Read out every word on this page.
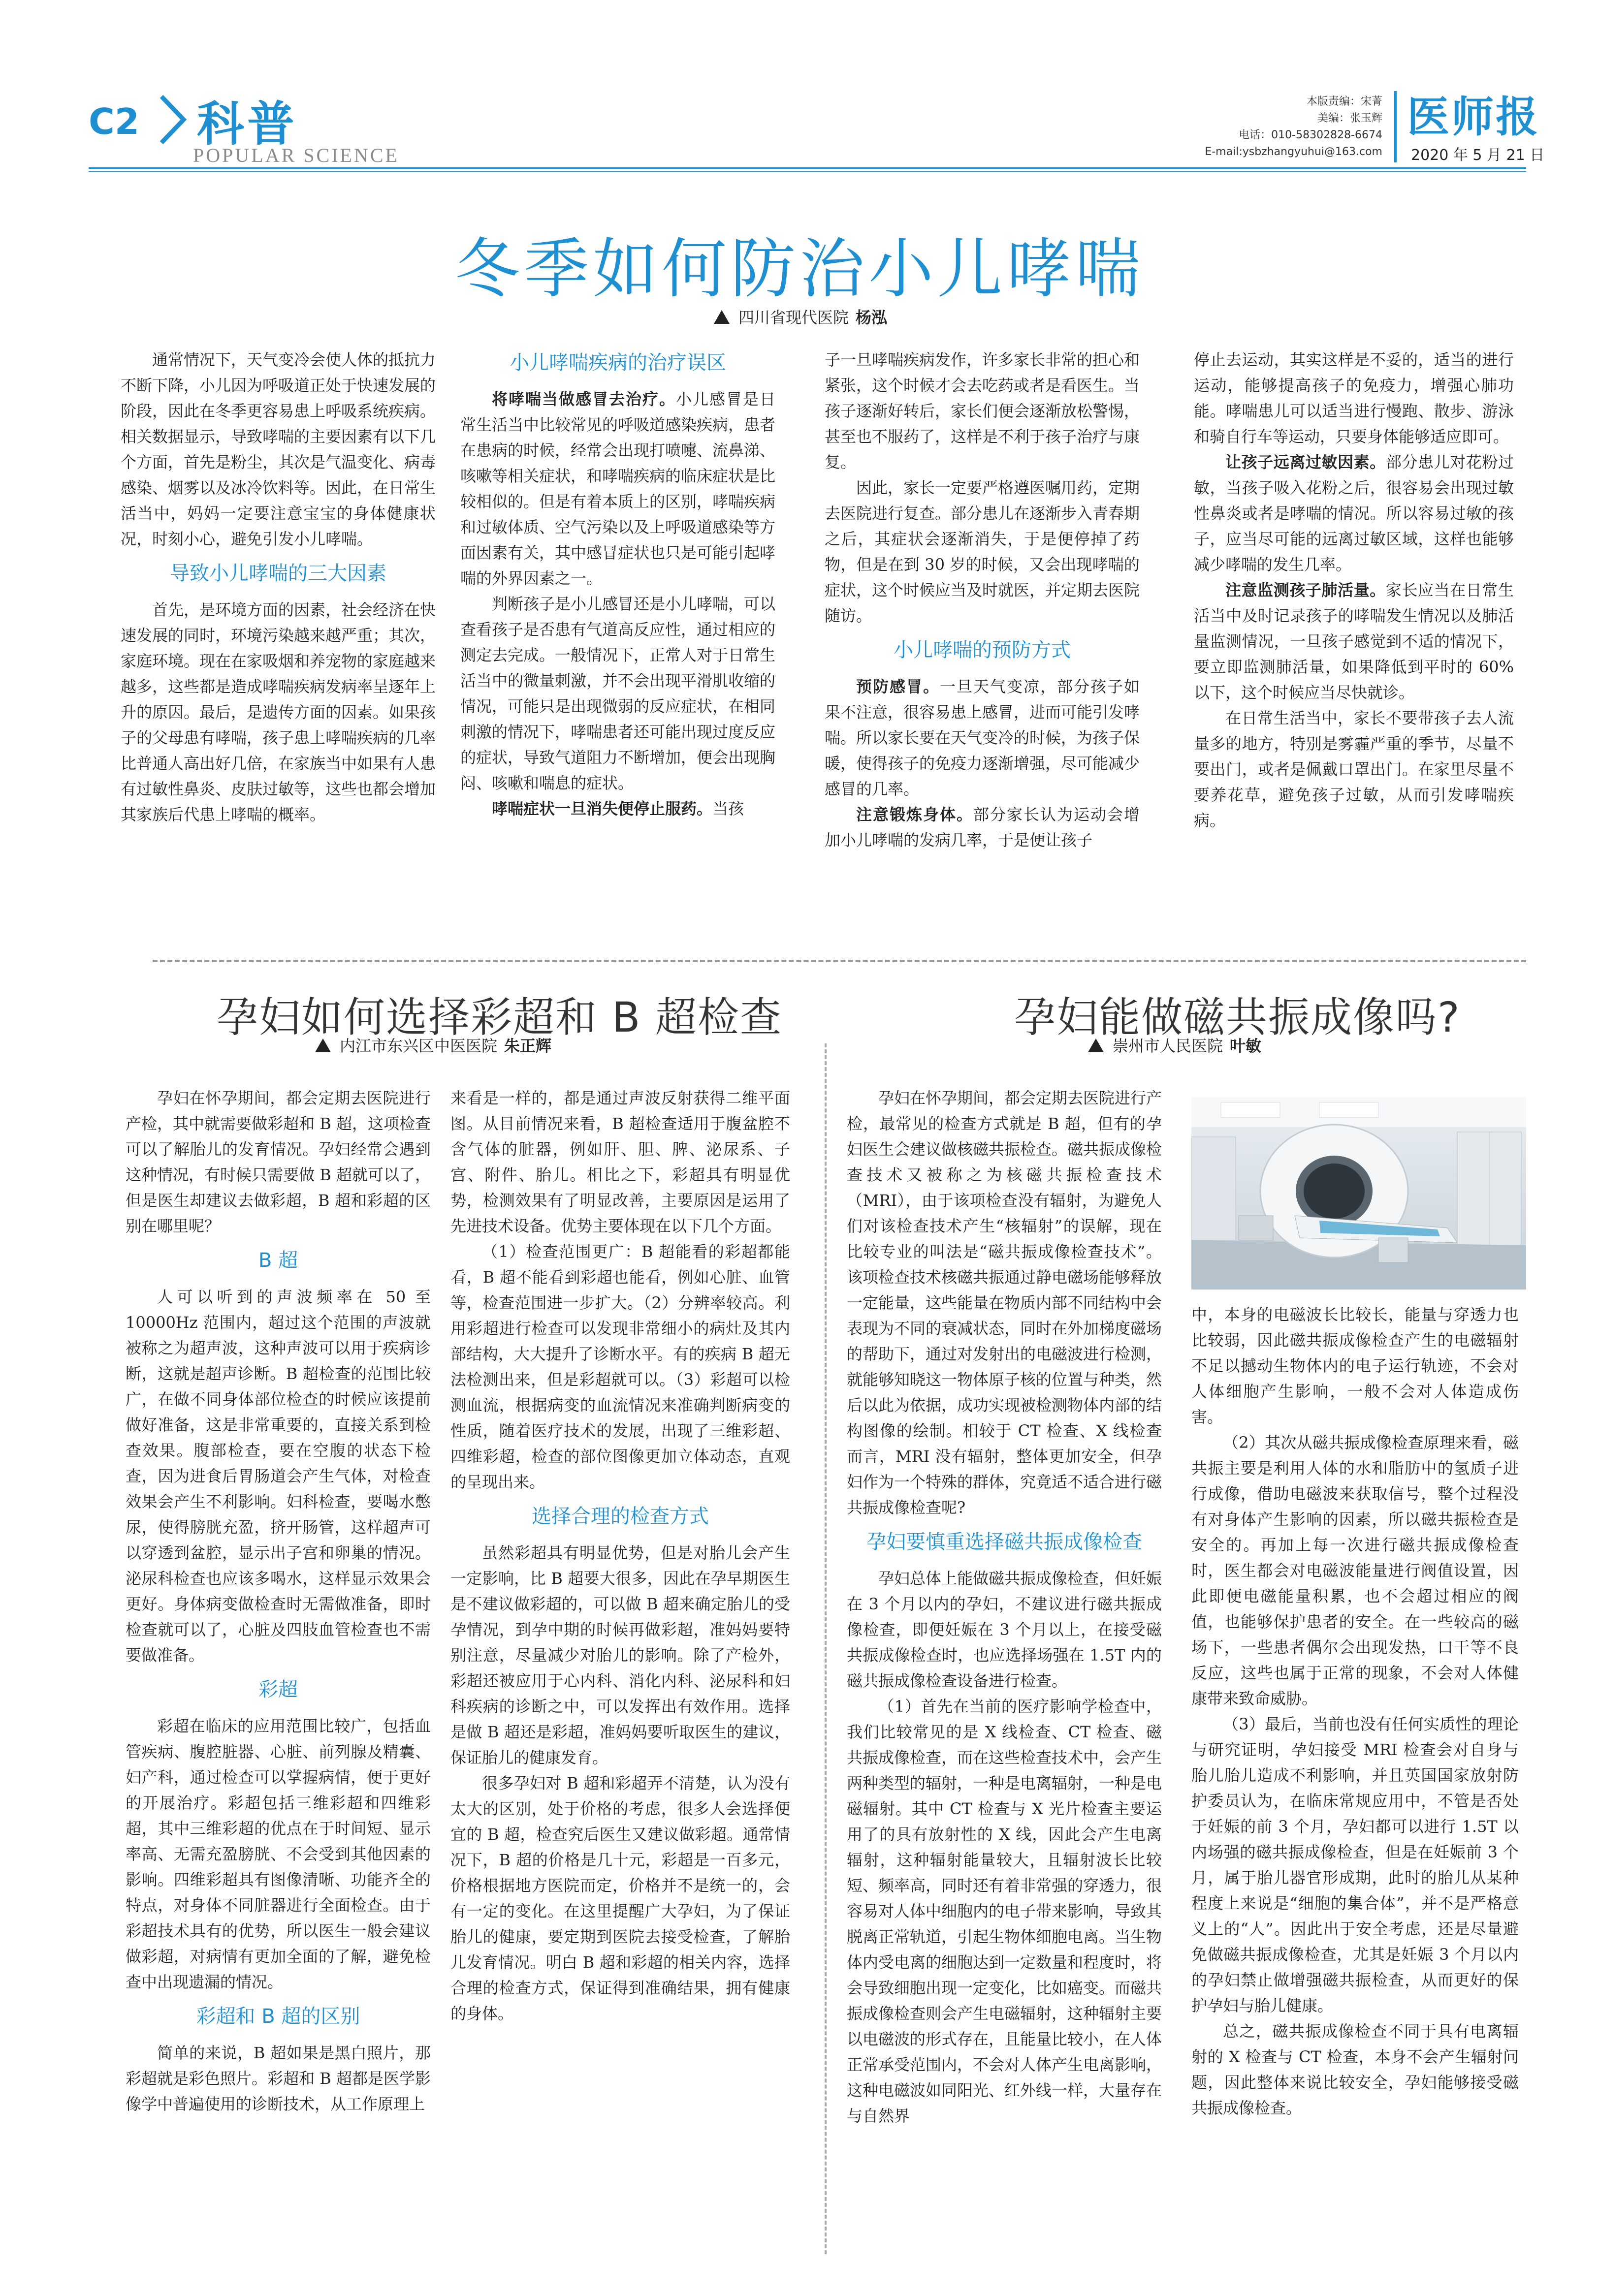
C2 科普
POPULAR SCIENCE
本版责编：宋菁
美编：张玉辉
电话：010-58302828-6674
E-mail:ysbzhangyuhui@163.com
医师报
2020 年 5 月 21 日
冬季如何防治小儿哮喘
四川省现代医院 杨泓

通常情况下，天气变冷会使人体的抵抗力不断下降，小儿因为呼吸道正处于快速发展的阶段，因此在冬季更容易患上呼吸系统疾病。相关数据显示，导致哮喘的主要因素有以下几个方面，首先是粉尘，其次是气温变化、病毒感染、烟雾以及冰冷饮料等。因此，在日常生活当中，妈妈一定要注意宝宝的身体健康状况，时刻小心，避免引发小儿哮喘。

导致小儿哮喘的三大因素

首先，是环境方面的因素，社会经济在快速发展的同时，环境污染越来越严重；其次，家庭环境。现在在家吸烟和养宠物的家庭越来越多，这些都是造成哮喘疾病发病率呈逐年上升的原因。最后，是遗传方面的因素。如果孩子的父母患有哮喘，孩子患上哮喘疾病的几率比普通人高出好几倍，在家族当中如果有人患有过敏性鼻炎、皮肤过敏等，这些也都会增加其家族后代患上哮喘的概率。

小儿哮喘疾病的治疗误区

将哮喘当做感冒去治疗。小儿感冒是日常生活当中比较常见的呼吸道感染疾病，患者在患病的时候，经常会出现打喷嚏、流鼻涕、咳嗽等相关症状，和哮喘疾病的临床症状是比较相似的。但是有着本质上的区别，哮喘疾病和过敏体质、空气污染以及上呼吸道感染等方面因素有关，其中感冒症状也只是可能引起哮喘的外界因素之一。

判断孩子是小儿感冒还是小儿哮喘，可以查看孩子是否患有气道高反应性，通过相应的测定去完成。一般情况下，正常人对于日常生活当中的微量刺激，并不会出现平滑肌收缩的情况，可能只是出现微弱的反应症状，在相同刺激的情况下，哮喘患者还可能出现过度反应的症状，导致气道阻力不断增加，便会出现胸闷、咳嗽和喘息的症状。

哮喘症状一旦消失便停止服药。当孩

子一旦哮喘疾病发作，许多家长非常的担心和紧张，这个时候才会去吃药或者是看医生。当孩子逐渐好转后，家长们便会逐渐放松警惕，甚至也不服药了，这样是不利于孩子治疗与康复。

因此，家长一定要严格遵医嘱用药，定期去医院进行复查。部分患儿在逐渐步入青春期之后，其症状会逐渐消失，于是便停掉了药物，但是在到 30 岁的时候，又会出现哮喘的症状，这个时候应当及时就医，并定期去医院随访。

小儿哮喘的预防方式

预防感冒。一旦天气变凉，部分孩子如果不注意，很容易患上感冒，进而可能引发哮喘。所以家长要在天气变冷的时候，为孩子保暖，使得孩子的免疫力逐渐增强，尽可能减少感冒的几率。

注意锻炼身体。部分家长认为运动会增加小儿哮喘的发病几率，于是便让孩子

停止去运动，其实这样是不妥的，适当的进行运动，能够提高孩子的免疫力，增强心肺功能。哮喘患儿可以适当进行慢跑、散步、游泳和骑自行车等运动，只要身体能够适应即可。

让孩子远离过敏因素。部分患儿对花粉过敏，当孩子吸入花粉之后，很容易会出现过敏性鼻炎或者是哮喘的情况。所以容易过敏的孩子，应当尽可能的远离过敏区域，这样也能够减少哮喘的发生几率。

注意监测孩子肺活量。家长应当在日常生活当中及时记录孩子的哮喘发生情况以及肺活量监测情况，一旦孩子感觉到不适的情况下，要立即监测肺活量，如果降低到平时的 60% 以下，这个时候应当尽快就诊。

在日常生活当中，家长不要带孩子去人流量多的地方，特别是雾霾严重的季节，尽量不要出门，或者是佩戴口罩出门。在家里尽量不要养花草，避免孩子过敏，从而引发哮喘疾病。

孕妇如何选择彩超和 B 超检查
内江市东兴区中医医院 朱正辉

孕妇在怀孕期间，都会定期去医院进行产检，其中就需要做彩超和 B 超，这项检查可以了解胎儿的发育情况。孕妇经常会遇到这种情况，有时候只需要做 B 超就可以了，但是医生却建议去做彩超，B 超和彩超的区别在哪里呢？

B 超

人可以听到的声波频率在 50 至 10000Hz 范围内，超过这个范围的声波就被称之为超声波，这种声波可以用于疾病诊断，这就是超声诊断。B 超检查的范围比较广，在做不同身体部位检查的时候应该提前做好准备，这是非常重要的，直接关系到检查效果。腹部检查，要在空腹的状态下检查，因为进食后胃肠道会产生气体，对检查效果会产生不利影响。妇科检查，要喝水憋尿，使得膀胱充盈，挤开肠管，这样超声可以穿透到盆腔，显示出子宫和卵巢的情况。泌尿科检查也应该多喝水，这样显示效果会更好。身体病变做检查时无需做准备，即时检查就可以了，心脏及四肢血管检查也不需要做准备。

彩超

彩超在临床的应用范围比较广，包括血管疾病、腹腔脏器、心脏、前列腺及精囊、妇产科，通过检查可以掌握病情，便于更好的开展治疗。彩超包括三维彩超和四维彩超，其中三维彩超的优点在于时间短、显示率高、无需充盈膀胱、不会受到其他因素的影响。四维彩超具有图像清晰、功能齐全的特点，对身体不同脏器进行全面检查。由于彩超技术具有的优势，所以医生一般会建议做彩超，对病情有更加全面的了解，避免检查中出现遗漏的情况。

彩超和 B 超的区别

简单的来说，B 超如果是黑白照片，那彩超就是彩色照片。彩超和 B 超都是医学影像学中普遍使用的诊断技术，从工作原理上

来看是一样的，都是通过声波反射获得二维平面图。从目前情况来看，B 超检查适用于腹盆腔不含气体的脏器，例如肝、胆、脾、泌尿系、子宫、附件、胎儿。相比之下，彩超具有明显优势，检测效果有了明显改善，主要原因是运用了先进技术设备。优势主要体现在以下几个方面。

（1）检查范围更广：B 超能看的彩超都能看，B 超不能看到彩超也能看，例如心脏、血管等，检查范围进一步扩大。（2）分辨率较高。利用彩超进行检查可以发现非常细小的病灶及其内部结构，大大提升了诊断水平。有的疾病 B 超无法检测出来，但是彩超就可以。（3）彩超可以检测血流，根据病变的血流情况来准确判断病变的性质，随着医疗技术的发展，出现了三维彩超、四维彩超，检查的部位图像更加立体动态，直观的呈现出来。

选择合理的检查方式

虽然彩超具有明显优势，但是对胎儿会产生一定影响，比 B 超要大很多，因此在孕早期医生是不建议做彩超的，可以做 B 超来确定胎儿的受孕情况，到孕中期的时候再做彩超，准妈妈要特别注意，尽量减少对胎儿的影响。除了产检外，彩超还被应用于心内科、消化内科、泌尿科和妇科疾病的诊断之中，可以发挥出有效作用。选择是做 B 超还是彩超，准妈妈要听取医生的建议，保证胎儿的健康发育。

很多孕妇对 B 超和彩超弄不清楚，认为没有太大的区别，处于价格的考虑，很多人会选择便宜的 B 超，检查究后医生又建议做彩超。通常情况下，B 超的价格是几十元，彩超是一百多元，价格根据地方医院而定，价格并不是统一的，会有一定的变化。在这里提醒广大孕妇，为了保证胎儿的健康，要定期到医院去接受检查，了解胎儿发育情况。明白 B 超和彩超的相关内容，选择合理的检查方式，保证得到准确结果，拥有健康的身体。

孕妇能做磁共振成像吗?
崇州市人民医院 叶敏

孕妇在怀孕期间，都会定期去医院进行产检，最常见的检查方式就是 B 超，但有的孕妇医生会建议做核磁共振检查。磁共振成像检查技术又被称之为核磁共振检查技术（MRI），由于该项检查没有辐射，为避免人们对该检查技术产生“核辐射”的误解，现在比较专业的叫法是“磁共振成像检查技术”。该项检查技术核磁共振通过静电磁场能够释放一定能量，这些能量在物质内部不同结构中会表现为不同的衰减状态，同时在外加梯度磁场的帮助下，通过对发射出的电磁波进行检测，就能够知晓这一物体原子核的位置与种类，然后以此为依据，成功实现被检测物体内部的结构图像的绘制。相较于 CT 检查、X 线检查而言，MRI 没有辐射，整体更加安全，但孕妇作为一个特殊的群体，究竟适不适合进行磁共振成像检查呢?

孕妇要慎重选择磁共振成像检查

孕妇总体上能做磁共振成像检查，但妊娠在 3 个月以内的孕妇，不建议进行磁共振成像检查，即便妊娠在 3 个月以上，在接受磁共振成像检查时，也应选择场强在 1.5T 内的磁共振成像检查设备进行检查。

（1）首先在当前的医疗影响学检查中，我们比较常见的是 X 线检查、CT 检查、磁共振成像检查，而在这些检查技术中，会产生两种类型的辐射，一种是电离辐射，一种是电磁辐射。其中 CT 检查与 X 光片检查主要运用了的具有放射性的 X 线，因此会产生电离辐射，这种辐射能量较大，且辐射波长比较短、频率高，同时还有着非常强的穿透力，很容易对人体中细胞内的电子带来影响，导致其脱离正常轨道，引起生物体细胞电离。当生物体内受电离的细胞达到一定数量和程度时，将会导致细胞出现一定变化，比如癌变。而磁共振成像检查则会产生电磁辐射，这种辐射主要以电磁波的形式存在，且能量比较小，在人体正常承受范围内，不会对人体产生电离影响，这种电磁波如同阳光、红外线一样，大量存在与自然界

中，本身的电磁波长比较长，能量与穿透力也比较弱，因此磁共振成像检查产生的电磁辐射不足以撼动生物体内的电子运行轨迹，不会对人体细胞产生影响，一般不会对人体造成伤害。

（2）其次从磁共振成像检查原理来看，磁共振主要是利用人体的水和脂肪中的氢质子进行成像，借助电磁波来获取信号，整个过程没有对身体产生影响的因素，所以磁共振检查是安全的。再加上每一次进行磁共振成像检查时，医生都会对电磁波能量进行阀值设置，因此即便电磁能量积累，也不会超过相应的阀值，也能够保护患者的安全。在一些较高的磁场下，一些患者偶尔会出现发热，口干等不良反应，这些也属于正常的现象，不会对人体健康带来致命威胁。

（3）最后，当前也没有任何实质性的理论与研究证明，孕妇接受 MRI 检查会对自身与胎儿胎儿造成不利影响，并且英国国家放射防护委员认为，在临床常规应用中，不管是否处于妊娠的前 3 个月，孕妇都可以进行 1.5T 以内场强的磁共振成像检查，但是在妊娠前 3 个月，属于胎儿器官形成期，此时的胎儿从某种程度上来说是“细胞的集合体”，并不是严格意义上的“人”。因此出于安全考虑，还是尽量避免做磁共振成像检查，尤其是妊娠 3 个月以内的孕妇禁止做增强磁共振检查，从而更好的保护孕妇与胎儿健康。

总之，磁共振成像检查不同于具有电离辐射的 X 检查与 CT 检查，本身不会产生辐射问题，因此整体来说比较安全，孕妇能够接受磁共振成像检查。
